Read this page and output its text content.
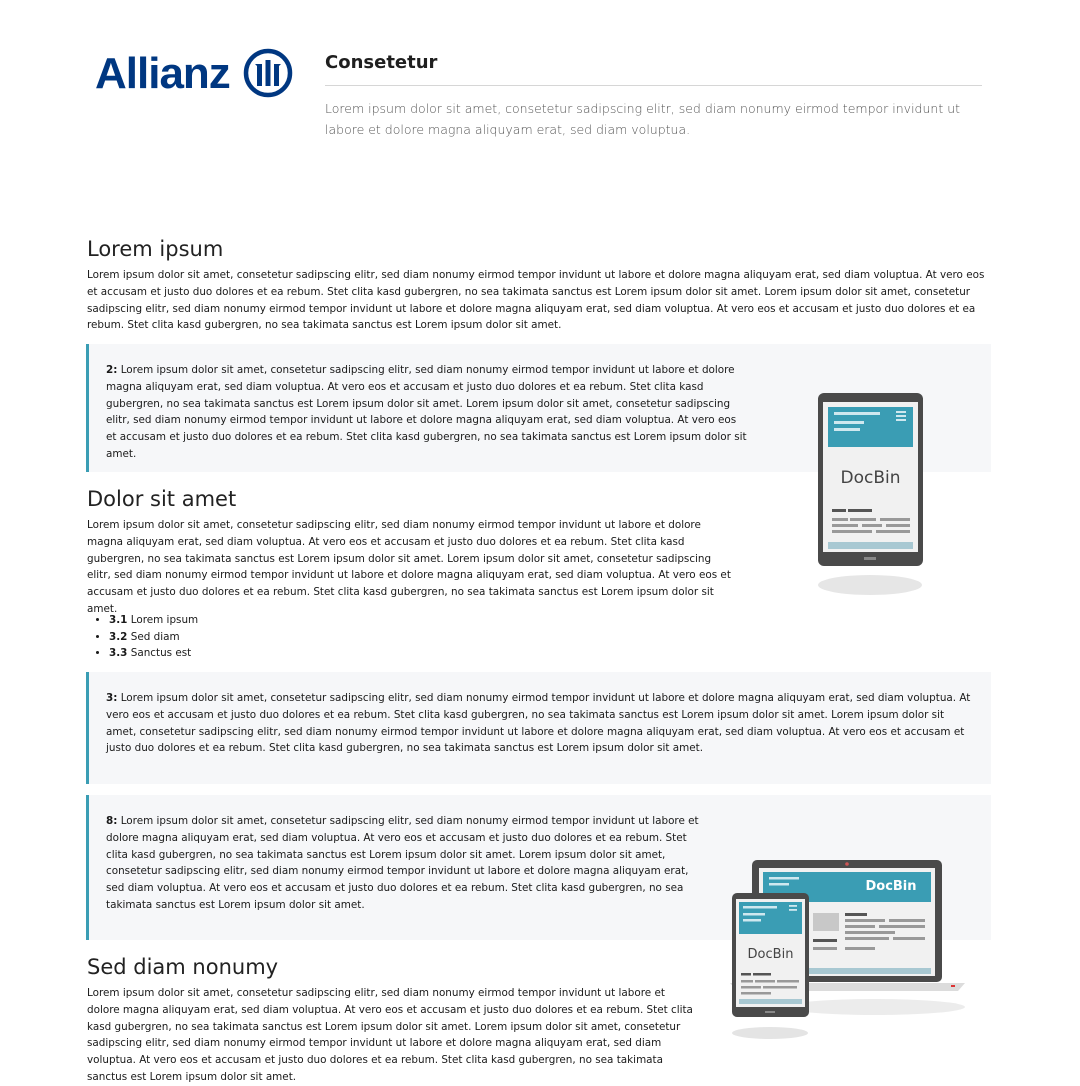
Allianz	Consetetur
Lorem ipsum dolor sit amet, consetetur sadipscing elitr, sed diam nonumy eirmod tempor invidunt ut labore et dolore magna aliquyam erat, sed diam voluptua.
Lorem ipsum

Lorem ipsum dolor sit amet, consetetur sadipscing elitr, sed diam nonumy eirmod tempor invidunt ut labore et dolore magna aliquyam erat, sed diam voluptua. At vero eos et accusam et justo duo dolores et ea rebum. Stet clita kasd gubergren, no sea takimata sanctus est Lorem ipsum dolor sit amet. Lorem ipsum dolor sit amet, consetetur sadipscing elitr, sed diam nonumy eirmod tempor invidunt ut labore et dolore magna aliquyam erat, sed diam voluptua. At vero eos et accusam et justo duo dolores et ea rebum. Stet clita kasd gubergren, no sea takimata sanctus est Lorem ipsum dolor sit amet.

2: Lorem ipsum dolor sit amet, consetetur sadipscing elitr, sed diam nonumy eirmod tempor invidunt ut labore et dolore magna aliquyam erat, sed diam voluptua. At vero eos et accusam et justo duo dolores et ea rebum. Stet clita kasd gubergren, no sea takimata sanctus est Lorem ipsum dolor sit amet. Lorem ipsum dolor sit amet, consetetur sadipscing elitr, sed diam nonumy eirmod tempor invidunt ut labore et dolore magna aliquyam erat, sed diam voluptua. At vero eos et accusam et justo duo dolores et ea rebum. Stet clita kasd gubergren, no sea takimata sanctus est Lorem ipsum dolor sit amet.

DocBin
Dolor sit amet

Lorem ipsum dolor sit amet, consetetur sadipscing elitr, sed diam nonumy eirmod tempor invidunt ut labore et dolore magna aliquyam erat, sed diam voluptua. At vero eos et accusam et justo duo dolores et ea rebum. Stet clita kasd gubergren, no sea takimata sanctus est Lorem ipsum dolor sit amet. Lorem ipsum dolor sit amet, consetetur sadipscing elitr, sed diam nonumy eirmod tempor invidunt ut labore et dolore magna aliquyam erat, sed diam voluptua. At vero eos et accusam et justo duo dolores et ea rebum. Stet clita kasd gubergren, no sea takimata sanctus est Lorem ipsum dolor sit amet.

• 3.1 Lorem ipsum
• 3.2 Sed diam
• 3.3 Sanctus est

3: Lorem ipsum dolor sit amet, consetetur sadipscing elitr, sed diam nonumy eirmod tempor invidunt ut labore et dolore magna aliquyam erat, sed diam voluptua. At vero eos et accusam et justo duo dolores et ea rebum. Stet clita kasd gubergren, no sea takimata sanctus est Lorem ipsum dolor sit amet. Lorem ipsum dolor sit amet, consetetur sadipscing elitr, sed diam nonumy eirmod tempor invidunt ut labore et dolore magna aliquyam erat, sed diam voluptua. At vero eos et accusam et justo duo dolores et ea rebum. Stet clita kasd gubergren, no sea takimata sanctus est Lorem ipsum dolor sit amet.

8: Lorem ipsum dolor sit amet, consetetur sadipscing elitr, sed diam nonumy eirmod tempor invidunt ut labore et dolore magna aliquyam erat, sed diam voluptua. At vero eos et accusam et justo duo dolores et ea rebum. Stet clita kasd gubergren, no sea takimata sanctus est Lorem ipsum dolor sit amet. Lorem ipsum dolor sit amet, consetetur sadipscing elitr, sed diam nonumy eirmod tempor invidunt ut labore et dolore magna aliquyam erat, sed diam voluptua. At vero eos et accusam et justo duo dolores et ea rebum. Stet clita kasd gubergren, no sea takimata sanctus est Lorem ipsum dolor sit amet.

DocBin
DocBin
Sed diam nonumy

Lorem ipsum dolor sit amet, consetetur sadipscing elitr, sed diam nonumy eirmod tempor invidunt ut labore et dolore magna aliquyam erat, sed diam voluptua. At vero eos et accusam et justo duo dolores et ea rebum. Stet clita kasd gubergren, no sea takimata sanctus est Lorem ipsum dolor sit amet. Lorem ipsum dolor sit amet, consetetur sadipscing elitr, sed diam nonumy eirmod tempor invidunt ut labore et dolore magna aliquyam erat, sed diam voluptua. At vero eos et accusam et justo duo dolores et ea rebum. Stet clita kasd gubergren, no sea takimata sanctus est Lorem ipsum dolor sit amet.
